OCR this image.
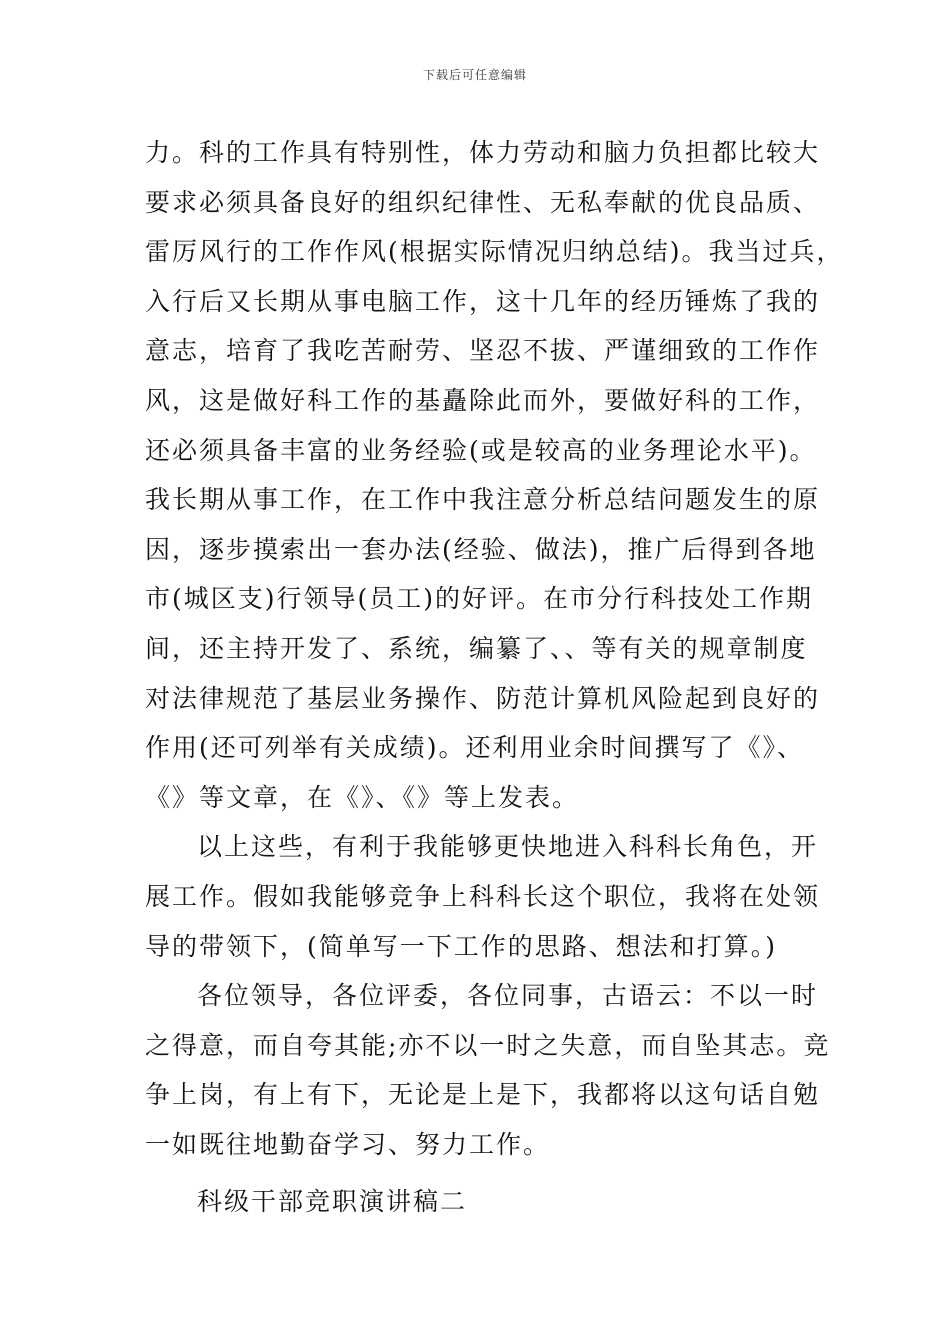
下载后可任意编辑
力。科的工作具有特别性，体力劳动和脑力负担都比较大
要求必须具备良好的组织纪律性、无私奉献的优良品质、
雷厉风行的工作作风(根据实际情况归纳总结)。我当过兵，
入行后又长期从事电脑工作，这十几年的经历锤炼了我的
意志，培育了我吃苦耐劳、坚忍不拔、严谨细致的工作作
风，这是做好科工作的基矗除此而外，要做好科的工作，
还必须具备丰富的业务经验(或是较高的业务理论水平)。
我长期从事工作，在工作中我注意分析总结问题发生的原
因，逐步摸索出一套办法(经验、做法)，推广后得到各地
市(城区支)行领导(员工)的好评。在市分行科技处工作期
间，还主持开发了、系统，编纂了、、等有关的规章制度
对法律规范了基层业务操作、防范计算机风险起到良好的
作用(还可列举有关成绩)。还利用业余时间撰写了《》、
《》等文章，在《》、《》等上发表。
以上这些，有利于我能够更快地进入科科长角色，开
展工作。假如我能够竞争上科科长这个职位，我将在处领
导的带领下，(简单写一下工作的思路、想法和打算。)
各位领导，各位评委，各位同事，古语云：不以一时
之得意，而自夸其能;亦不以一时之失意，而自坠其志。竞
争上岗，有上有下，无论是上是下，我都将以这句话自勉
一如既往地勤奋学习、努力工作。
科级干部竞职演讲稿二
